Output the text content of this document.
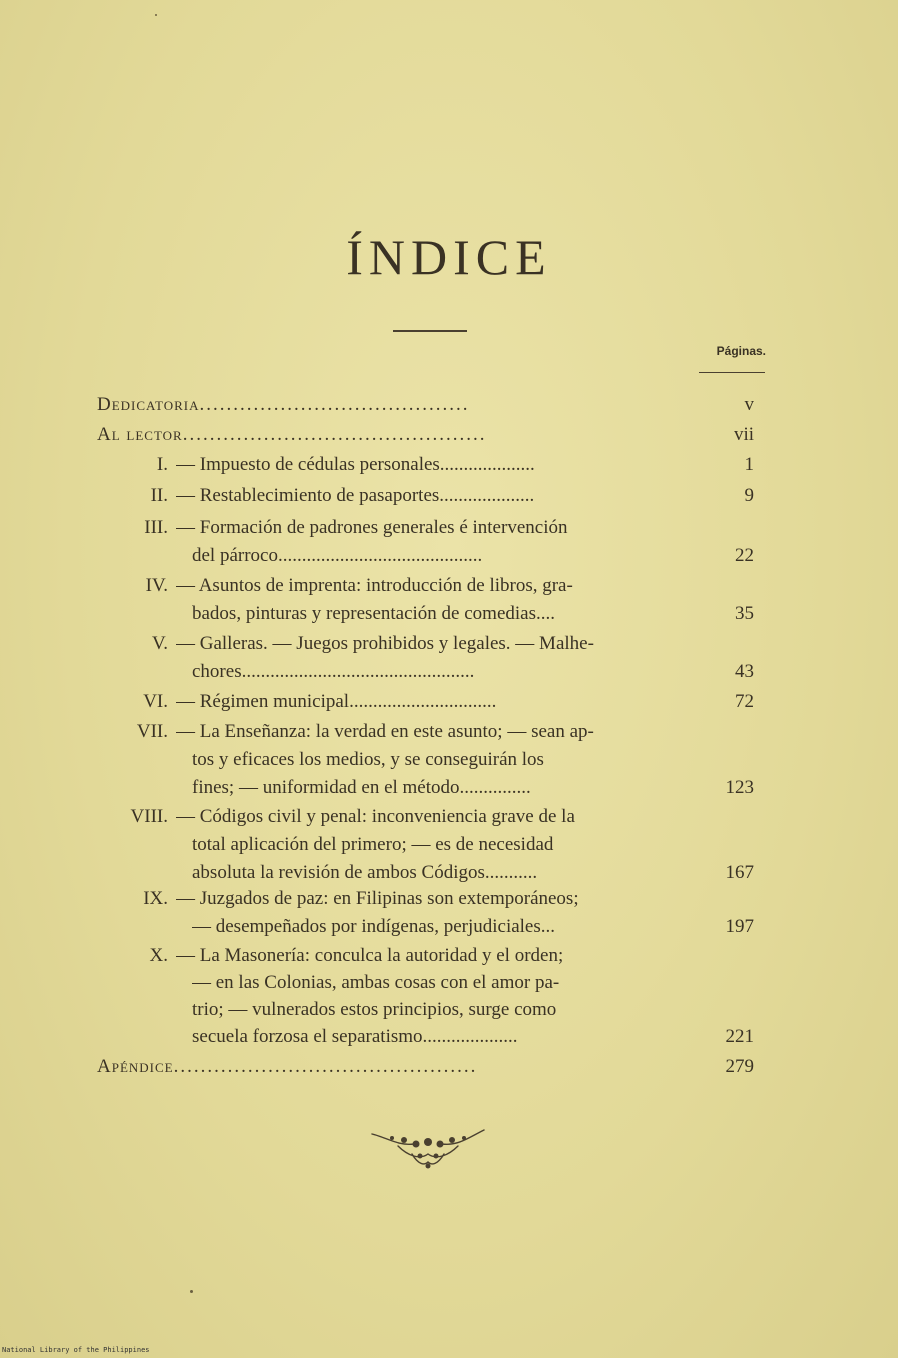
ÍNDICE
Páginas.
Dedicatoria........................................	v
Al lector.............................................	vii
I. — Impuesto de cédulas personales....................	1
II. — Restablecimiento de pasaportes....................	9
III. — Formación de padrones generales é intervención
del párroco...........................................	22
IV. — Asuntos de imprenta: introducción de libros, gra-
bados, pinturas y representación de comedias....	35
V. — Galleras. — Juegos prohibidos y legales. — Malhe-
chores.................................................	43
VI. — Régimen municipal...............................	72
VII. — La Enseñanza: la verdad en este asunto; — sean ap-
tos y eficaces los medios, y se conseguirán los
fines; — uniformidad en el método...............	123
VIII. — Códigos civil y penal: inconveniencia grave de la
total aplicación del primero; — es de necesidad
absoluta la revisión de ambos Códigos...........	167
IX. — Juzgados de paz: en Filipinas son extemporáneos;
— desempeñados por indígenas, perjudiciales...	197
X. — La Masonería: conculca la autoridad y el orden;
— en las Colonias, ambas cosas con el amor pa-
trio; — vulnerados estos principios, surge como
secuela forzosa el separatismo....................	221
Apéndice.............................................	279
National Library of the Philippines
